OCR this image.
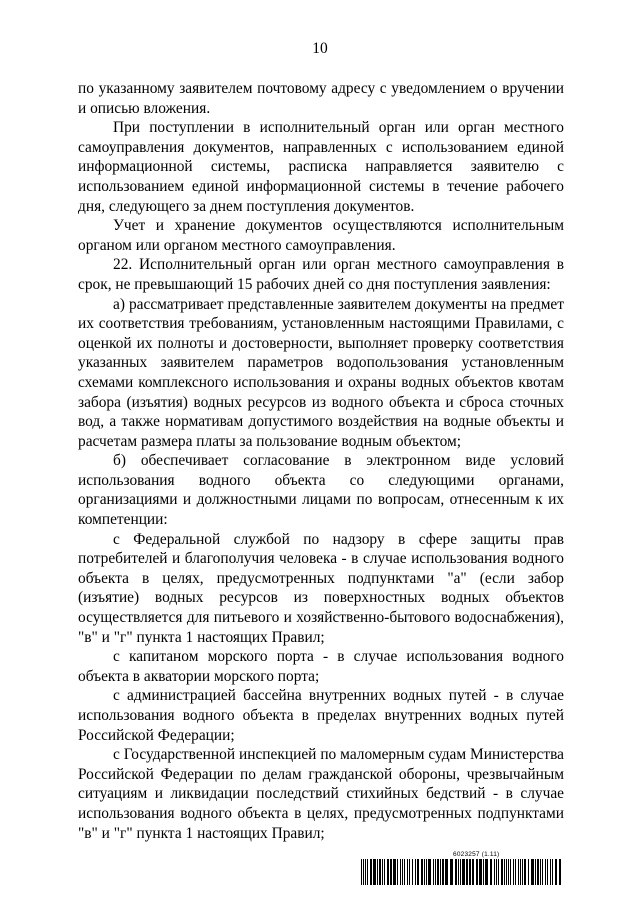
10

по указанному заявителем почтовому адресу с уведомлением о вручении и описью вложения.

При поступлении в исполнительный орган или орган местного самоуправления документов, направленных с использованием единой информационной системы, расписка направляется заявителю с использованием единой информационной системы в течение рабочего дня, следующего за днем поступления документов.

Учет и хранение документов осуществляются исполнительным органом или органом местного самоуправления.

22. Исполнительный орган или орган местного самоуправления в срок, не превышающий 15 рабочих дней со дня поступления заявления:

а) рассматривает представленные заявителем документы на предмет их соответствия требованиям, установленным настоящими Правилами, с оценкой их полноты и достоверности, выполняет проверку соответствия указанных заявителем параметров водопользования установленным схемами комплексного использования и охраны водных объектов квотам забора (изъятия) водных ресурсов из водного объекта и сброса сточных вод, а также нормативам допустимого воздействия на водные объекты и расчетам размера платы за пользование водным объектом;

б) обеспечивает согласование в электронном виде условий использования водного объекта со следующими органами, организациями и должностными лицами по вопросам, отнесенным к их компетенции:

с Федеральной службой по надзору в сфере защиты прав потребителей и благополучия человека - в случае использования водного объекта в целях, предусмотренных подпунктами "а" (если забор (изъятие) водных ресурсов из поверхностных водных объектов осуществляется для питьевого и хозяйственно-бытового водоснабжения), "в" и "г" пункта 1 настоящих Правил;

с капитаном морского порта - в случае использования водного объекта в акватории морского порта;

с администрацией бассейна внутренних водных путей - в случае использования водного объекта в пределах внутренних водных путей Российской Федерации;

с Государственной инспекцией по маломерным судам Министерства Российской Федерации по делам гражданской обороны, чрезвычайным ситуациям и ликвидации последствий стихийных бедствий - в случае использования водного объекта в целях, предусмотренных подпунктами "в" и "г" пункта 1 настоящих Правил;

6023257 (1.11)
